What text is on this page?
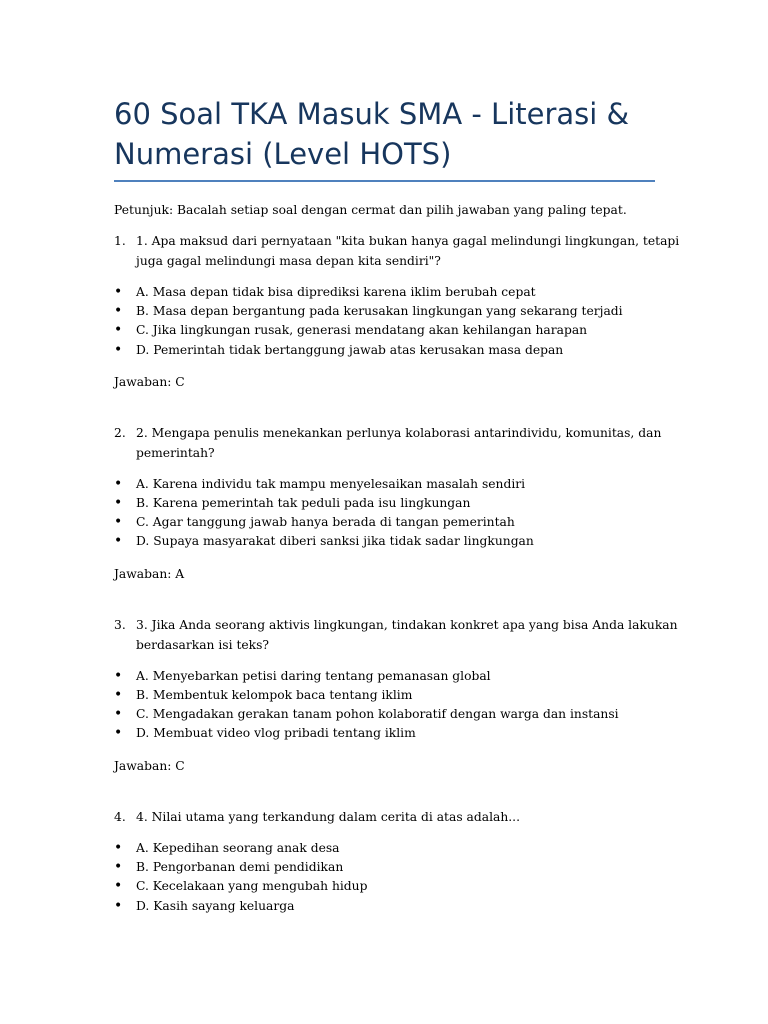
60 Soal TKA Masuk SMA - Literasi &
Numerasi (Level HOTS)
Petunjuk: Bacalah setiap soal dengan cermat dan pilih jawaban yang paling tepat.
1. 1. Apa maksud dari pernyataan "kita bukan hanya gagal melindungi lingkungan, tetapi
juga gagal melindungi masa depan kita sendiri"?
• A. Masa depan tidak bisa diprediksi karena iklim berubah cepat
• B. Masa depan bergantung pada kerusakan lingkungan yang sekarang terjadi
• C. Jika lingkungan rusak, generasi mendatang akan kehilangan harapan
• D. Pemerintah tidak bertanggung jawab atas kerusakan masa depan
Jawaban: C
2. 2. Mengapa penulis menekankan perlunya kolaborasi antarindividu, komunitas, dan
pemerintah?
• A. Karena individu tak mampu menyelesaikan masalah sendiri
• B. Karena pemerintah tak peduli pada isu lingkungan
• C. Agar tanggung jawab hanya berada di tangan pemerintah
• D. Supaya masyarakat diberi sanksi jika tidak sadar lingkungan
Jawaban: A
3. 3. Jika Anda seorang aktivis lingkungan, tindakan konkret apa yang bisa Anda lakukan
berdasarkan isi teks?
• A. Menyebarkan petisi daring tentang pemanasan global
• B. Membentuk kelompok baca tentang iklim
• C. Mengadakan gerakan tanam pohon kolaboratif dengan warga dan instansi
• D. Membuat video vlog pribadi tentang iklim
Jawaban: C
4. 4. Nilai utama yang terkandung dalam cerita di atas adalah...
• A. Kepedihan seorang anak desa
• B. Pengorbanan demi pendidikan
• C. Kecelakaan yang mengubah hidup
• D. Kasih sayang keluarga
